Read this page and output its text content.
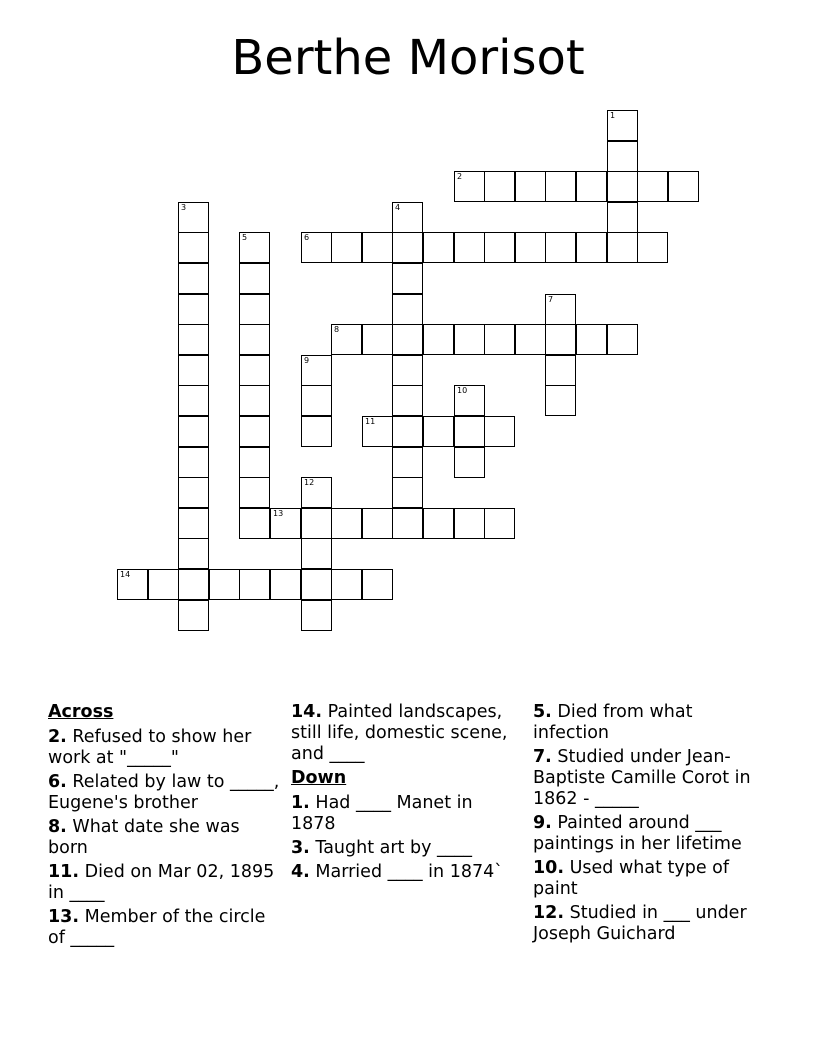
Berthe Morisot
1
2
3	4
5	6
7
8
9
10
11
12
13
14
Across
2. Refused to show her work at "_____"
6. Related by law to _____, Eugene's brother
8. What date she was born
11. Died on Mar 02, 1895 in ____
13. Member of the circle of _____
14. Painted landscapes, still life, domestic scene, and ____
Down
1. Had ____ Manet in 1878
3. Taught art by ____
4. Married ____ in 1874`
5. Died from what infection
7. Studied under Jean-Baptiste Camille Corot in 1862 - _____
9. Painted around ___ paintings in her lifetime
10. Used what type of paint
12. Studied in ___ under Joseph Guichard
